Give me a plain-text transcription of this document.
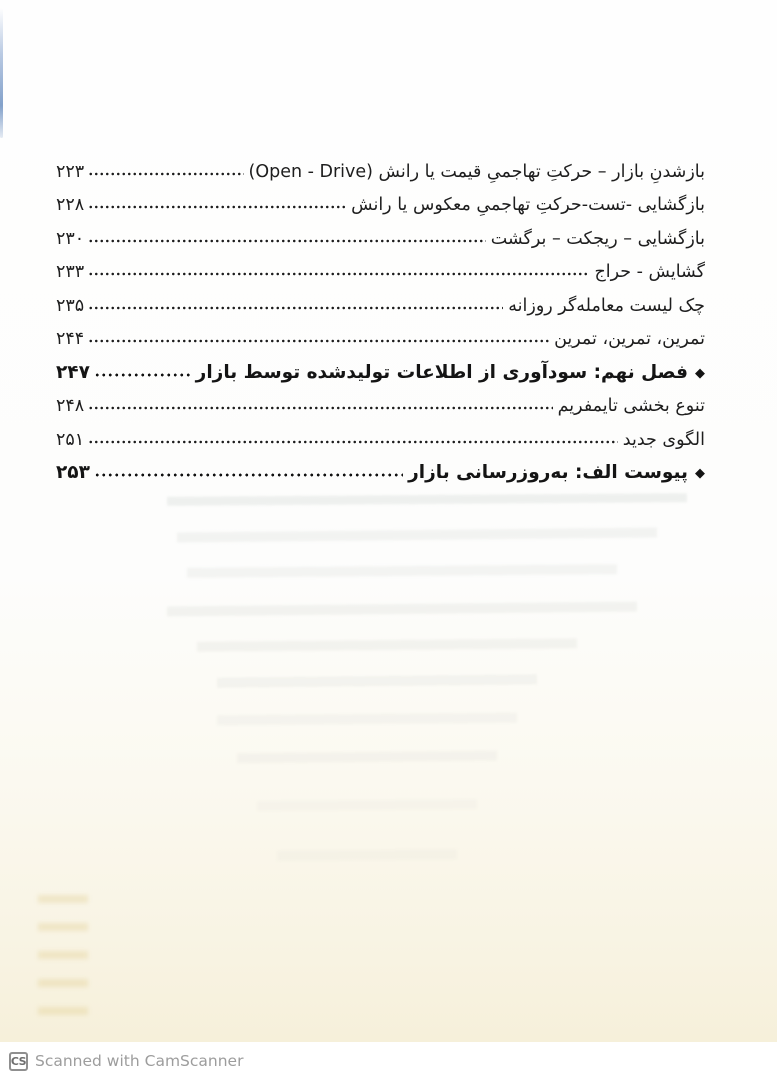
بازشدنِ بازار – حرکتِ تهاجمیِ قیمت یا رانش (Open - Drive)
۲۲۳
بازگشایی -تست-حرکتِ تهاجمیِ معکوس یا رانش
۲۲۸
بازگشایی – ریجکت – برگشت
۲۳۰
گشایش - حراج
۲۳۳
چک لیست معامله‌گر روزانه
۲۳۵
تمرین، تمرین، تمرین
۲۴۴
◆
فصل نهم: سودآوری از اطلاعات تولیدشده توسط بازار
۲۴۷
تنوع بخشی تایمفریم
۲۴۸
الگوی جدید
۲۵۱
◆
پیوست الف: به‌روزرسانی بازار
۲۵۳
CS Scanned with CamScanner
